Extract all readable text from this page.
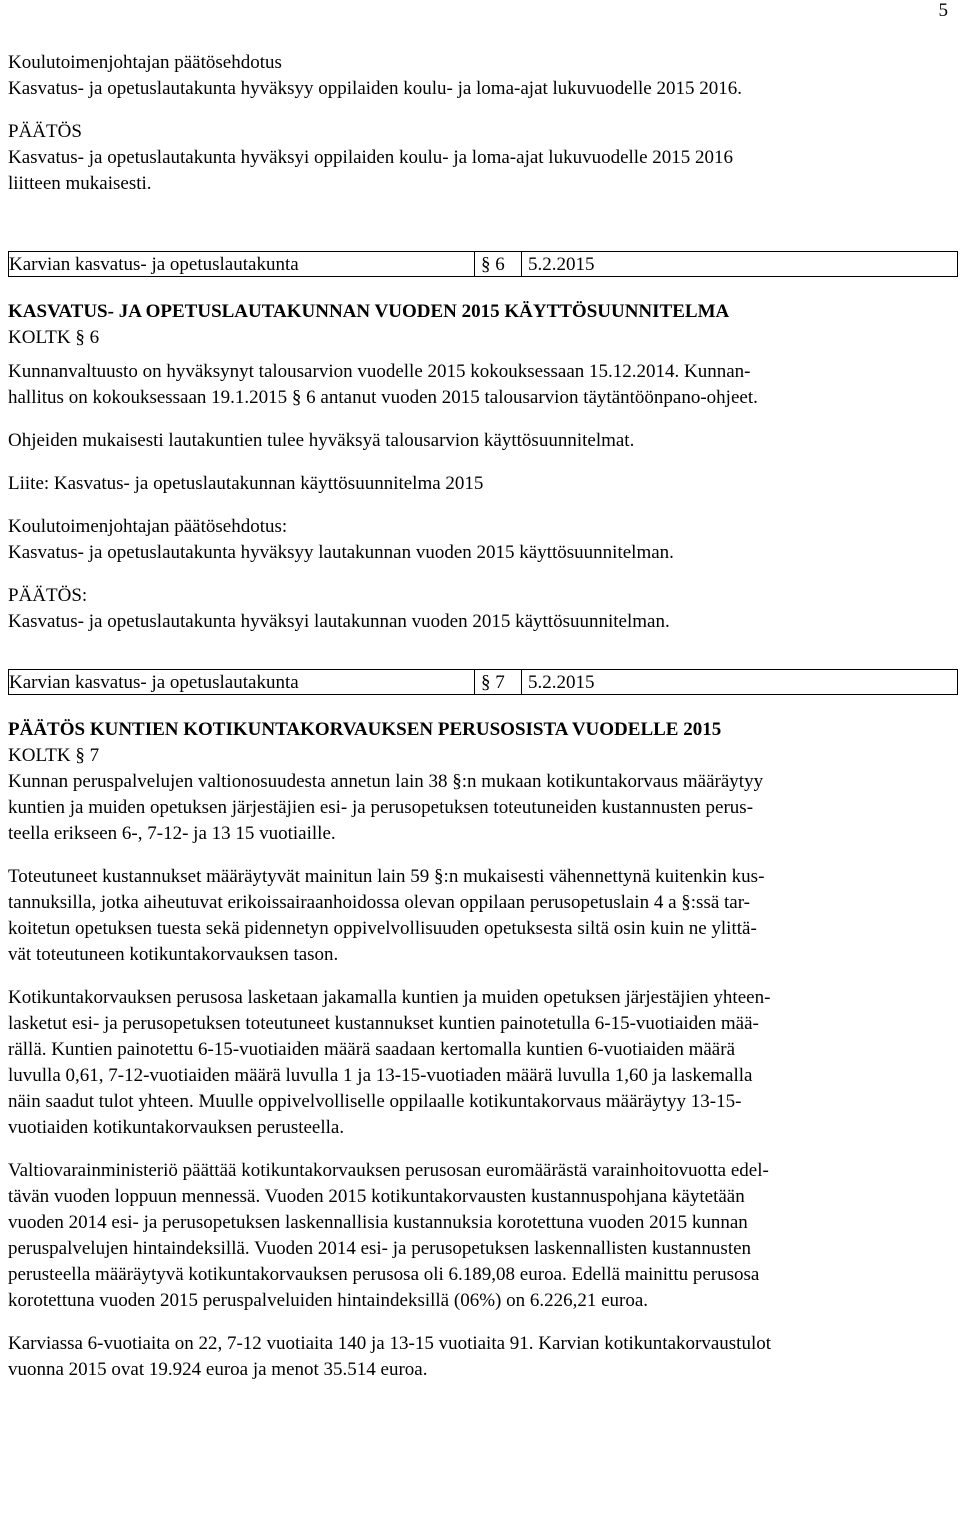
5
Koulutoimenjohtajan päätösehdotus
Kasvatus- ja opetuslautakunta hyväksyy oppilaiden koulu- ja loma-ajat lukuvuodelle 2015 2016.
PÄÄTÖS
Kasvatus- ja opetuslautakunta hyväksyi oppilaiden koulu- ja loma-ajat lukuvuodelle 2015 2016
liitteen mukaisesti.
Karvian kasvatus- ja opetuslautakunta	§ 6	5.2.2015
KASVATUS- JA OPETUSLAUTAKUNNAN VUODEN 2015 KÄYTTÖSUUNNITELMA
KOLTK § 6
Kunnanvaltuusto on hyväksynyt talousarvion vuodelle 2015 kokouksessaan 15.12.2014. Kunnan-
hallitus on kokouksessaan 19.1.2015 § 6 antanut vuoden 2015 talousarvion täytäntöönpano-ohjeet.
Ohjeiden mukaisesti lautakuntien tulee hyväksyä talousarvion käyttösuunnitelmat.
Liite: Kasvatus- ja opetuslautakunnan käyttösuunnitelma 2015
Koulutoimenjohtajan päätösehdotus:
Kasvatus- ja opetuslautakunta hyväksyy lautakunnan vuoden 2015 käyttösuunnitelman.
PÄÄTÖS:
Kasvatus- ja opetuslautakunta hyväksyi lautakunnan vuoden 2015 käyttösuunnitelman.
Karvian kasvatus- ja opetuslautakunta	§ 7	5.2.2015
PÄÄTÖS KUNTIEN KOTIKUNTAKORVAUKSEN PERUSOSISTA VUODELLE 2015
KOLTK § 7
Kunnan peruspalvelujen valtionosuudesta annetun lain 38 §:n mukaan kotikuntakorvaus määräytyy
kuntien ja muiden opetuksen järjestäjien esi- ja perusopetuksen toteutuneiden kustannusten perus-
teella erikseen 6-, 7-12- ja 13 15 vuotiaille.
Toteutuneet kustannukset määräytyvät mainitun lain 59 §:n mukaisesti vähennettynä kuitenkin kus-
tannuksilla, jotka aiheutuvat erikoissairaanhoidossa olevan oppilaan perusopetuslain 4 a §:ssä tar-
koitetun opetuksen tuesta sekä pidennetyn oppivelvollisuuden opetuksesta siltä osin kuin ne ylittä-
vät toteutuneen kotikuntakorvauksen tason.
Kotikuntakorvauksen perusosa lasketaan jakamalla kuntien ja muiden opetuksen järjestäjien yhteen-
lasketut esi- ja perusopetuksen toteutuneet kustannukset kuntien painotetulla 6-15-vuotiaiden mää-
rällä. Kuntien painotettu 6-15-vuotiaiden määrä saadaan kertomalla kuntien 6-vuotiaiden määrä
luvulla 0,61, 7-12-vuotiaiden määrä luvulla 1 ja 13-15-vuotiaden määrä luvulla 1,60 ja laskemalla
näin saadut tulot yhteen. Muulle oppivelvolliselle oppilaalle kotikuntakorvaus määräytyy 13-15-
vuotiaiden kotikuntakorvauksen perusteella.
Valtiovarainministeriö päättää kotikuntakorvauksen perusosan euromäärästä varainhoitovuotta edel-
tävän vuoden loppuun mennessä. Vuoden 2015 kotikuntakorvausten kustannuspohjana käytetään
vuoden 2014 esi- ja perusopetuksen laskennallisia kustannuksia korotettuna vuoden 2015 kunnan
peruspalvelujen hintaindeksillä. Vuoden 2014 esi- ja perusopetuksen laskennallisten kustannusten
perusteella määräytyvä kotikuntakorvauksen perusosa oli 6.189,08 euroa. Edellä mainittu perusosa
korotettuna vuoden 2015 peruspalveluiden hintaindeksillä (06%) on 6.226,21 euroa.
Karviassa 6-vuotiaita on 22, 7-12 vuotiaita 140 ja 13-15 vuotiaita 91. Karvian kotikuntakorvaustulot
vuonna 2015 ovat 19.924 euroa ja menot 35.514 euroa.
